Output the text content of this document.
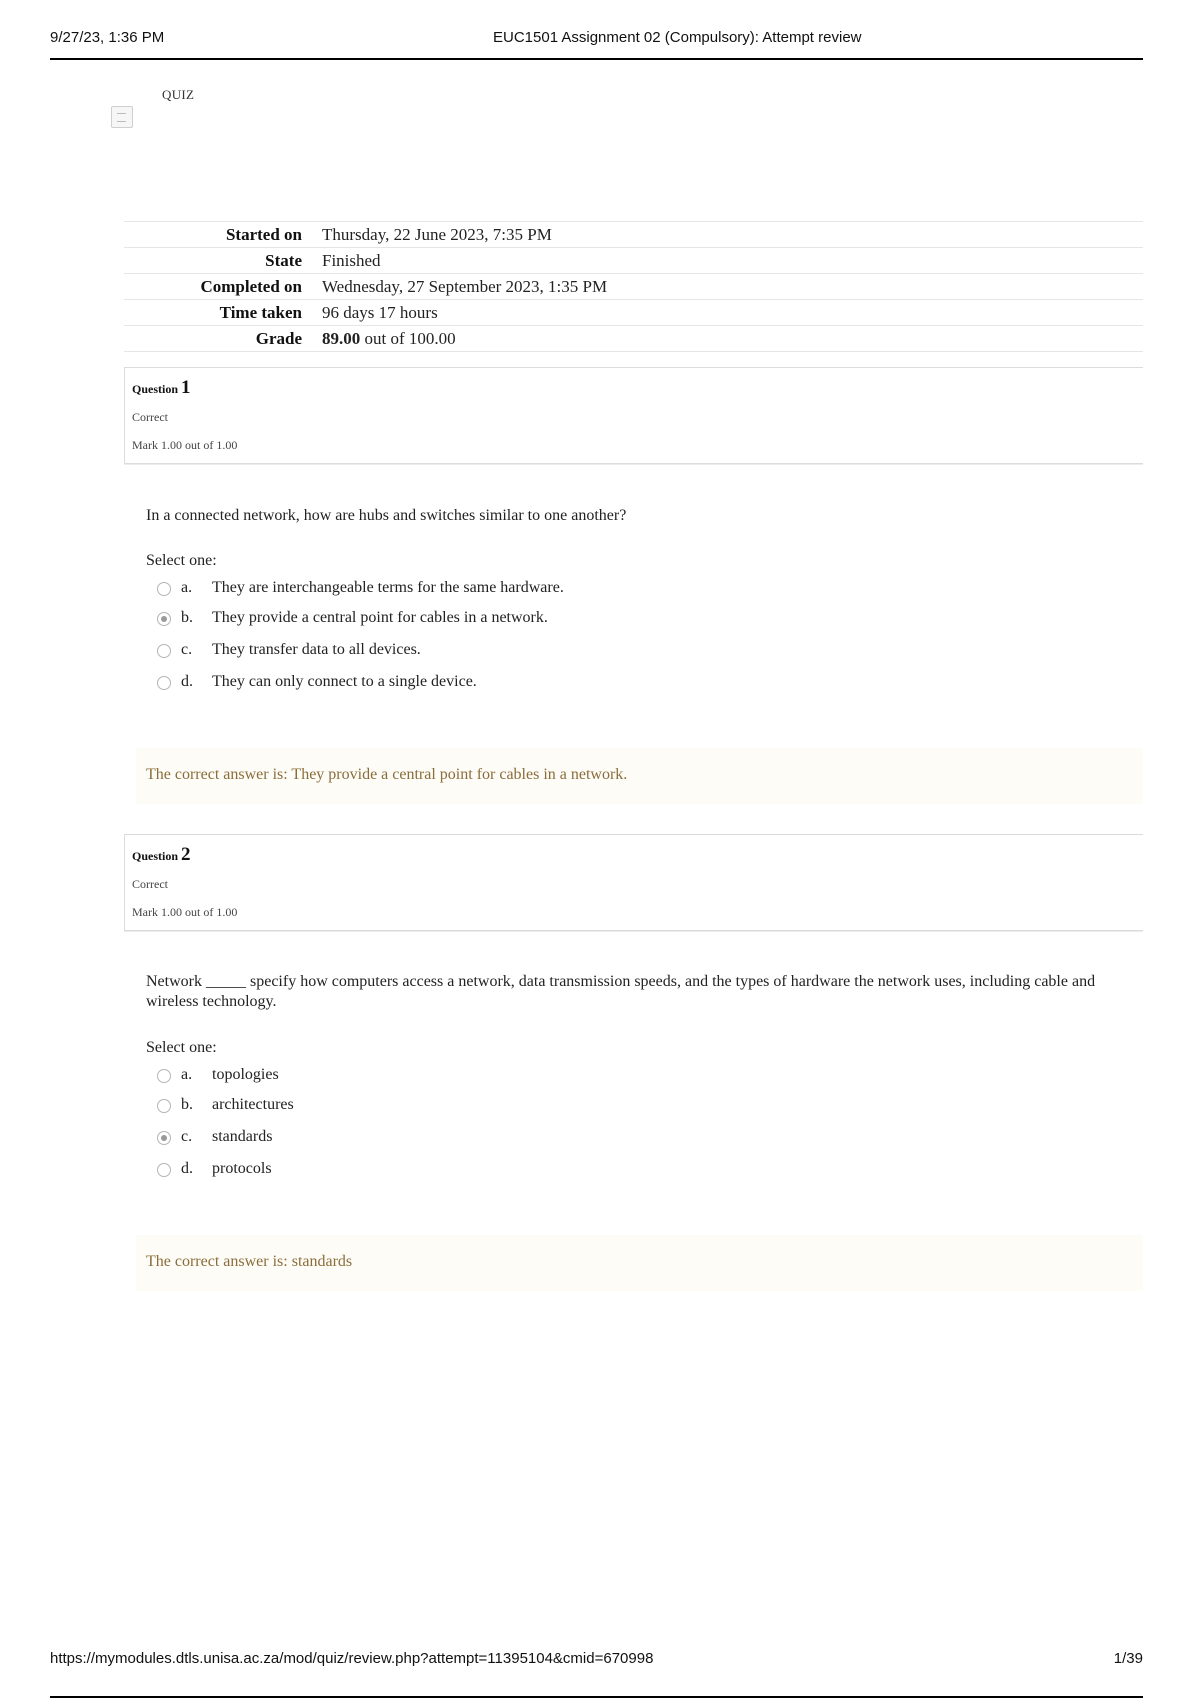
9/27/23, 1:36 PM	EUC1501 Assignment 02 (Compulsory): Attempt review
QUIZ
Started on	Thursday, 22 June 2023, 7:35 PM
State	Finished
Completed on	Wednesday, 27 September 2023, 1:35 PM
Time taken	96 days 17 hours
Grade	89.00 out of 100.00
Question 1
Correct
Mark 1.00 out of 1.00
In a connected network, how are hubs and switches similar to one another?
Select one:
a. They are interchangeable terms for the same hardware.
b. They provide a central point for cables in a network.
c. They transfer data to all devices.
d. They can only connect to a single device.
The correct answer is: They provide a central point for cables in a network.
Question 2
Correct
Mark 1.00 out of 1.00
Network _____ specify how computers access a network, data transmission speeds, and the types of hardware the network uses, including cable and wireless technology.
Select one:
a. topologies
b. architectures
c. standards
d. protocols
The correct answer is: standards
https://mymodules.dtls.unisa.ac.za/mod/quiz/review.php?attempt=11395104&cmid=670998	1/39
